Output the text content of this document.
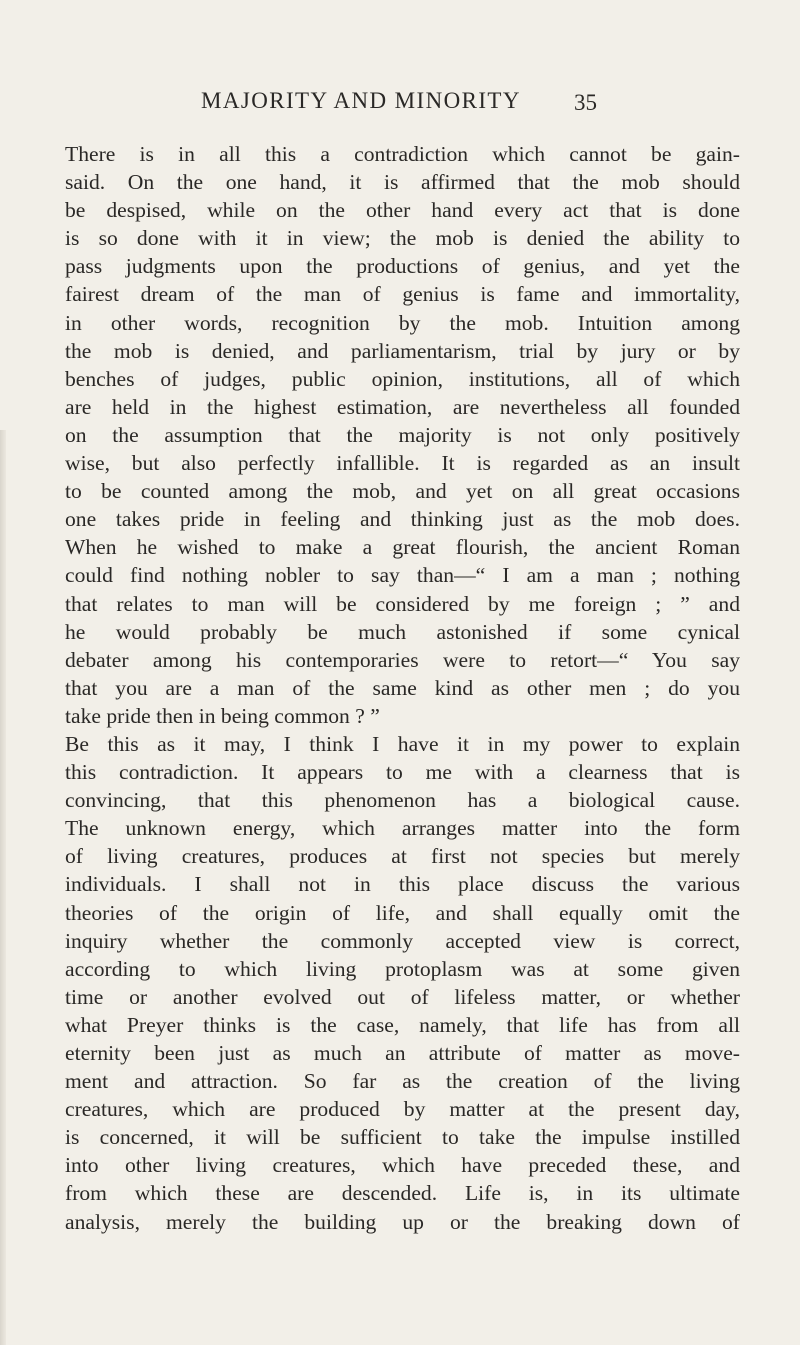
MAJORITY AND MINORITY 35
There is in all this a contradiction which cannot be gain-
said. On the one hand, it is affirmed that the mob should
be despised, while on the other hand every act that is done
is so done with it in view; the mob is denied the ability to
pass judgments upon the productions of genius, and yet the
fairest dream of the man of genius is fame and immortality,
in other words, recognition by the mob. Intuition among
the mob is denied, and parliamentarism, trial by jury or by
benches of judges, public opinion, institutions, all of which
are held in the highest estimation, are nevertheless all founded
on the assumption that the majority is not only positively
wise, but also perfectly infallible. It is regarded as an insult
to be counted among the mob, and yet on all great occasions
one takes pride in feeling and thinking just as the mob does.
When he wished to make a great flourish, the ancient Roman
could find nothing nobler to say than—“ I am a man ; nothing
that relates to man will be considered by me foreign ; ” and
he would probably be much astonished if some cynical
debater among his contemporaries were to retort—“ You say
that you are a man of the same kind as other men ; do you
take pride then in being common ? ”
Be this as it may, I think I have it in my power to explain
this contradiction. It appears to me with a clearness that is
convincing, that this phenomenon has a biological cause.
The unknown energy, which arranges matter into the form
of living creatures, produces at first not species but merely
individuals. I shall not in this place discuss the various
theories of the origin of life, and shall equally omit the
inquiry whether the commonly accepted view is correct,
according to which living protoplasm was at some given
time or another evolved out of lifeless matter, or whether
what Preyer thinks is the case, namely, that life has from all
eternity been just as much an attribute of matter as move-
ment and attraction. So far as the creation of the living
creatures, which are produced by matter at the present day,
is concerned, it will be sufficient to take the impulse instilled
into other living creatures, which have preceded these, and
from which these are descended. Life is, in its ultimate
analysis, merely the building up or the breaking down of
